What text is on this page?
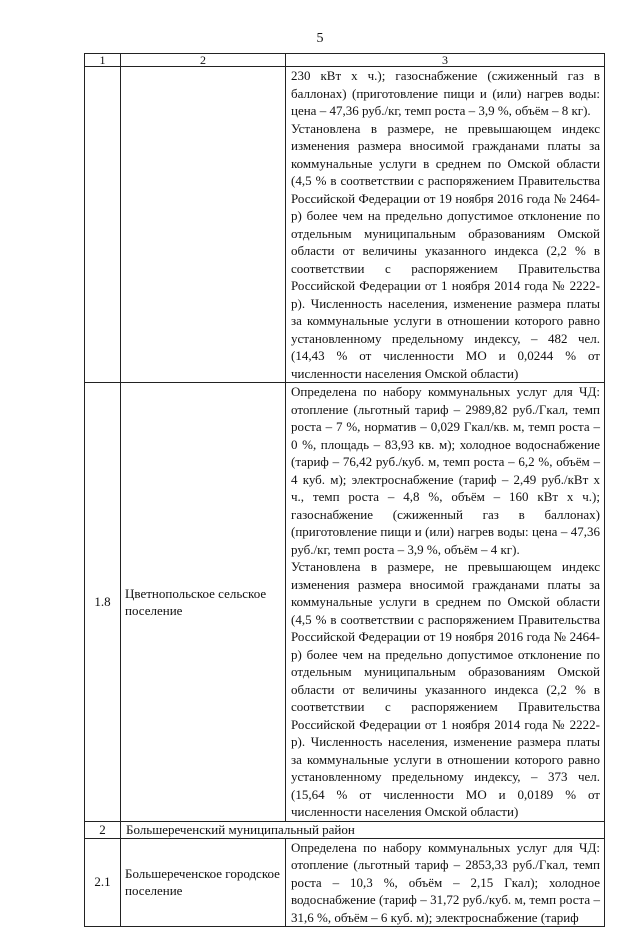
5
1	2	3

		230 кВт х ч.); газоснабжение (сжиженный газ в баллонах) (приготовление пищи и (или) нагрев воды: цена – 47,36 руб./кг, темп роста – 3,9 %, объём – 8 кг).

Установлена в размере, не превышающем индекс изменения размера вносимой гражданами платы за коммунальные услуги в среднем по Омской области (4,5 % в соответствии с распоряжением Правительства Российской Федерации от 19 ноября 2016 года № 2464-р) более чем на предельно допустимое отклонение по отдельным муниципальным образованиям Омской области от величины указанного индекса (2,2 % в соответствии с распоряжением Правительства Российской Федерации от 1 ноября 2014 года № 2222-р). Численность населения, изменение размера платы за коммунальные услуги в отношении которого равно установленному предельному индексу, – 482 чел. (14,43 % от численности МО и 0,0244 % от численности населения Омской области)

1.8	Цветнопольское сельское поселение	Определена по набору коммунальных услуг для ЧД: отопление (льготный тариф – 2989,82 руб./Гкал, темп роста – 7 %, норматив – 0,029 Гкал/кв. м, темп роста – 0 %, площадь – 83,93 кв. м); холодное водоснабжение (тариф – 76,42 руб./куб. м, темп роста – 6,2 %, объём – 4 куб. м); электроснабжение (тариф – 2,49 руб./кВт х ч., темп роста – 4,8 %, объём – 160 кВт х ч.); газоснабжение (сжиженный газ в баллонах) (приготовление пищи и (или) нагрев воды: цена – 47,36 руб./кг, темп роста – 3,9 %, объём – 4 кг).

Установлена в размере, не превышающем индекс изменения размера вносимой гражданами платы за коммунальные услуги в среднем по Омской области (4,5 % в соответствии с распоряжением Правительства Российской Федерации от 19 ноября 2016 года № 2464-р) более чем на предельно допустимое отклонение по отдельным муниципальным образованиям Омской области от величины указанного индекса (2,2 % в соответствии с распоряжением Правительства Российской Федерации от 1 ноября 2014 года № 2222-р). Численность населения, изменение размера платы за коммунальные услуги в отношении которого равно установленному предельному индексу, – 373 чел. (15,64 % от численности МО и 0,0189 % от численности населения Омской области)

2	Большереченский муниципальный район	
2.1	Большереченское городское поселение	Определена по набору коммунальных услуг для ЧД: отопление (льготный тариф – 2853,33 руб./Гкал, темп роста – 10,3 %, объём – 2,15 Гкал); холодное водоснабжение (тариф – 31,72 руб./куб. м, темп роста – 31,6 %, объём – 6 куб. м); электроснабжение (тариф
